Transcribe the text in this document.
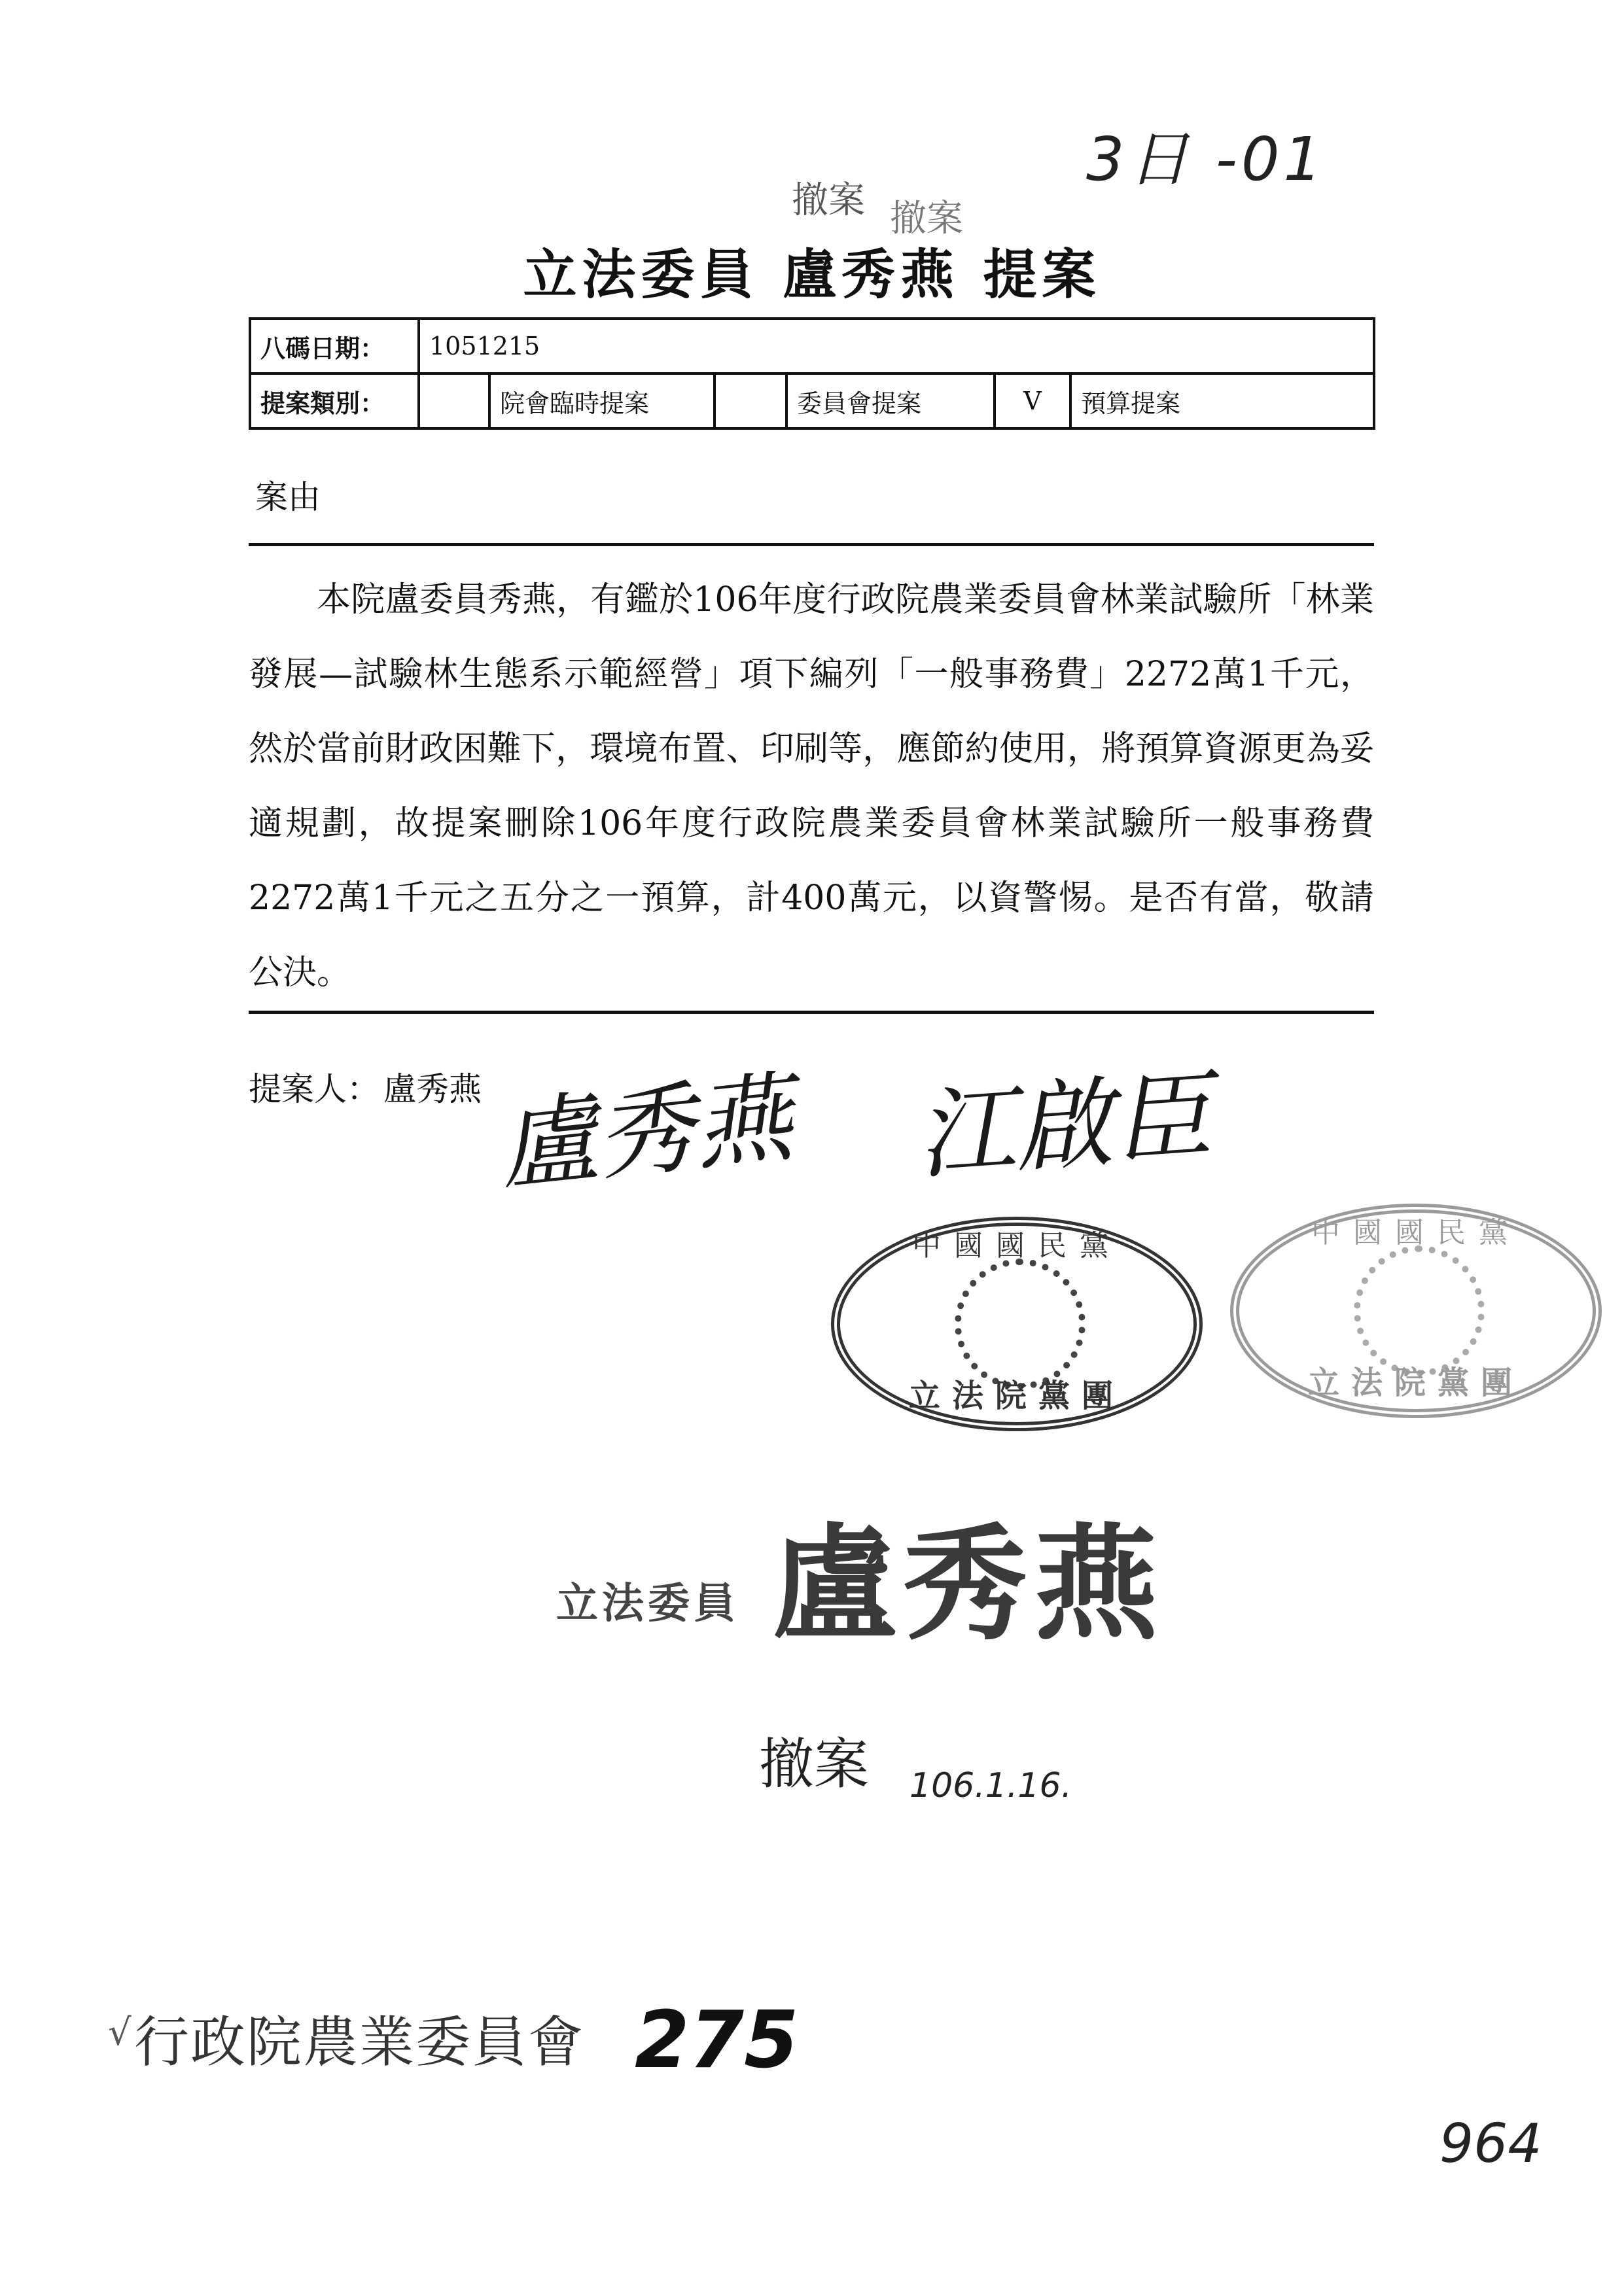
3日 -01
撤案 撤案
立法委員 盧秀燕 提案
八碼日期：	1051215					
提案類別：		院會臨時提案		委員會提案	V	預算提案
案由

本院盧委員秀燕，有鑑於106年度行政院農業委員會林業試驗所「林業發展—試驗林生態系示範經營」項下編列「一般事務費」2272萬1千元，然於當前財政困難下，環境布置、印刷等，應節約使用，將預算資源更為妥適規劃，故提案刪除106年度行政院農業委員會林業試驗所一般事務費2272萬1千元之五分之一預算，計400萬元，以資警惕。是否有當，敬請公決。

提案人： 盧秀燕 盧秀燕 江啟臣
中國國民黨
立法院黨團
中國國民黨
立法院黨團
立法委員 盧秀燕
撤案 106.1.16.
√ 行政院農業委員會 275
964
